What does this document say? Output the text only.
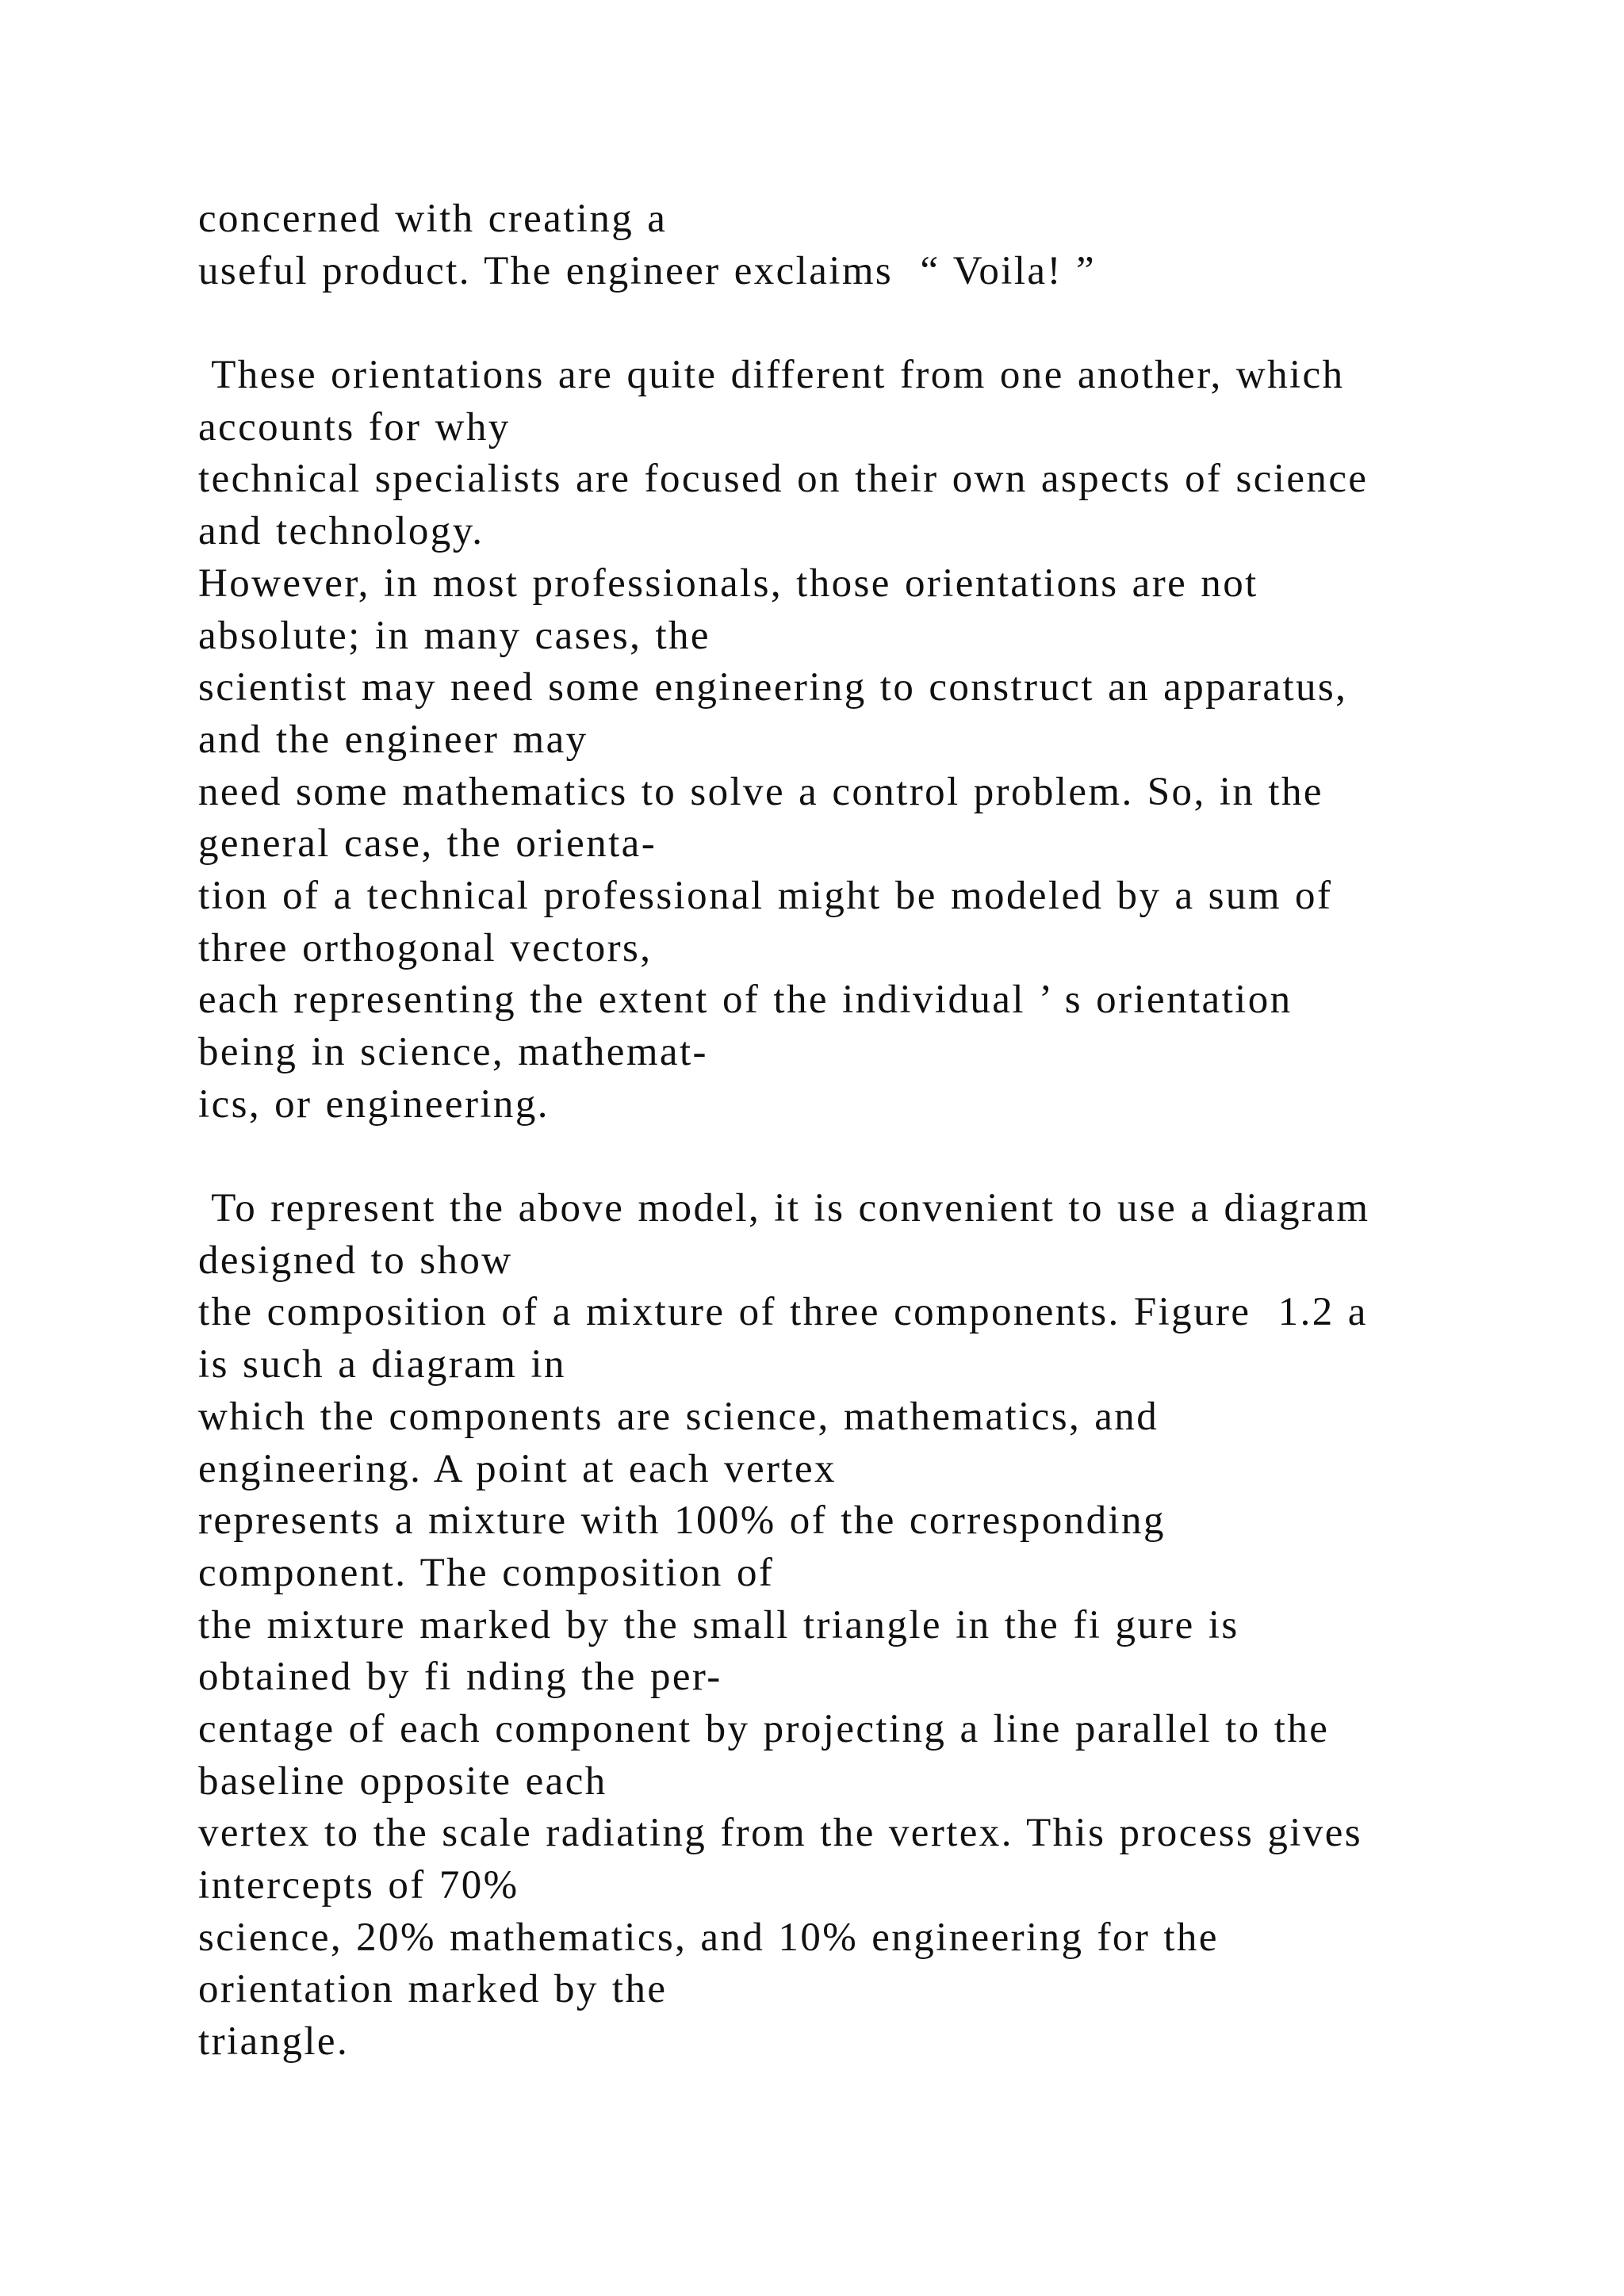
concerned with creating a
useful product. The engineer exclaims  “ Voila! ”
These orientations are quite different from one another, which
accounts for why
technical specialists are focused on their own aspects of science
and technology.
However, in most professionals, those orientations are not
absolute; in many cases, the
scientist may need some engineering to construct an apparatus,
and the engineer may
need some mathematics to solve a control problem. So, in the
general case, the orienta-
tion of a technical professional might be modeled by a sum of
three orthogonal vectors,
each representing the extent of the individual ’ s orientation
being in science, mathemat-
ics, or engineering.
To represent the above model, it is convenient to use a diagram
designed to show
the composition of a mixture of three components. Figure  1.2 a
is such a diagram in
which the components are science, mathematics, and
engineering. A point at each vertex
represents a mixture with 100% of the corresponding
component. The composition of
the mixture marked by the small triangle in the fi gure is
obtained by fi nding the per-
centage of each component by projecting a line parallel to the
baseline opposite each
vertex to the scale radiating from the vertex. This process gives
intercepts of 70%
science, 20% mathematics, and 10% engineering for the
orientation marked by the
triangle.
